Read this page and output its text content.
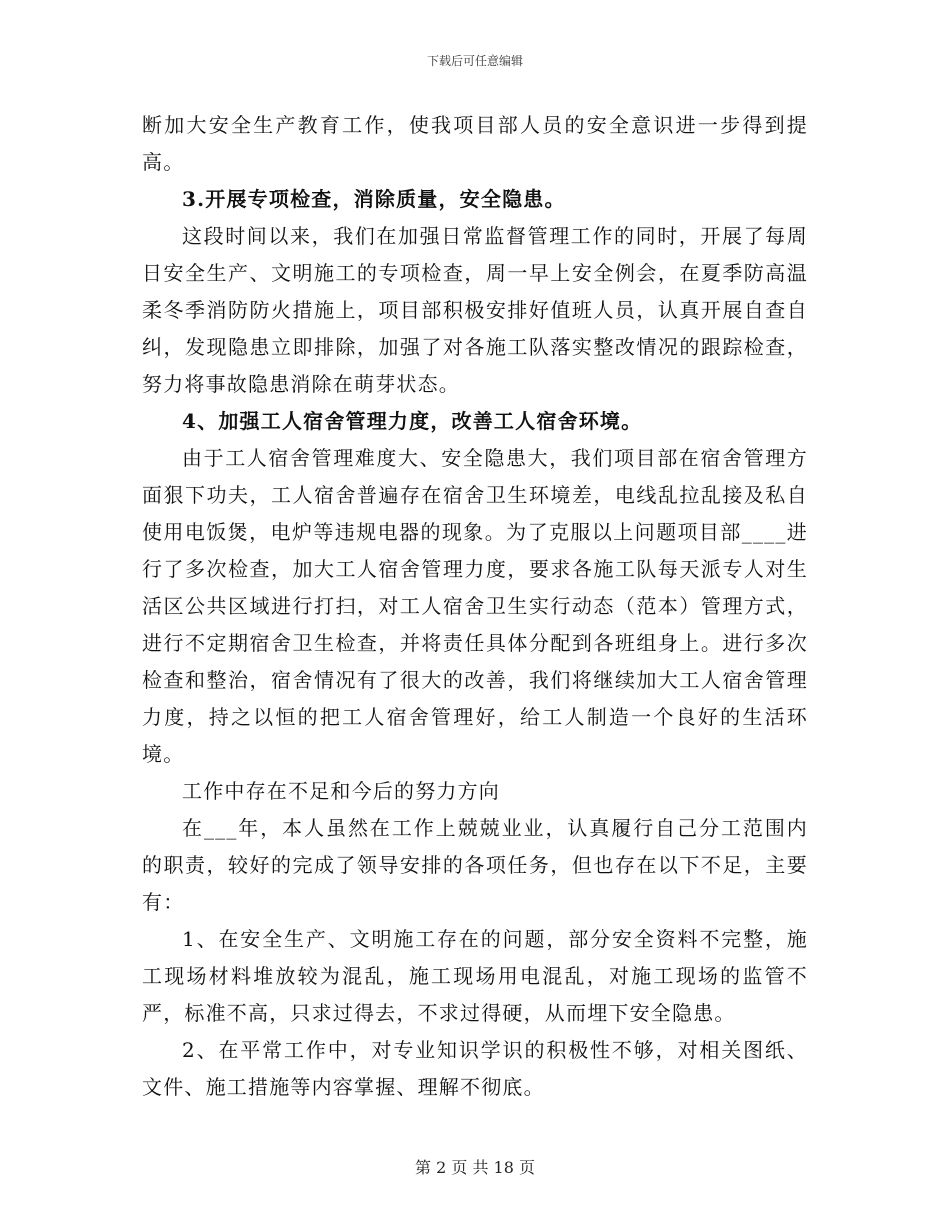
下载后可任意编辑

断加大安全生产教育工作，使我项目部人员的安全意识进一步得到提高。

3.开展专项检查，消除质量，安全隐患。

这段时间以来，我们在加强日常监督管理工作的同时，开展了每周日安全生产、文明施工的专项检查，周一早上安全例会，在夏季防高温柔冬季消防防火措施上，项目部积极安排好值班人员，认真开展自查自纠，发现隐患立即排除，加强了对各施工队落实整改情况的跟踪检查，努力将事故隐患消除在萌芽状态。

4、加强工人宿舍管理力度，改善工人宿舍环境。

由于工人宿舍管理难度大、安全隐患大，我们项目部在宿舍管理方面狠下功夫，工人宿舍普遍存在宿舍卫生环境差，电线乱拉乱接及私自使用电饭煲，电炉等违规电器的现象。为了克服以上问题项目部____进行了多次检查，加大工人宿舍管理力度，要求各施工队每天派专人对生活区公共区域进行打扫，对工人宿舍卫生实行动态（范本）管理方式，进行不定期宿舍卫生检查，并将责任具体分配到各班组身上。进行多次检查和整治，宿舍情况有了很大的改善，我们将继续加大工人宿舍管理力度，持之以恒的把工人宿舍管理好，给工人制造一个良好的生活环境。

工作中存在不足和今后的努力方向

在___年，本人虽然在工作上兢兢业业，认真履行自己分工范围内的职责，较好的完成了领导安排的各项任务，但也存在以下不足，主要有：

1、在安全生产、文明施工存在的问题，部分安全资料不完整，施工现场材料堆放较为混乱，施工现场用电混乱，对施工现场的监管不严，标准不高，只求过得去，不求过得硬，从而埋下安全隐患。

2、在平常工作中，对专业知识学识的积极性不够，对相关图纸、文件、施工措施等内容掌握、理解不彻底。

第 2 页 共 18 页
